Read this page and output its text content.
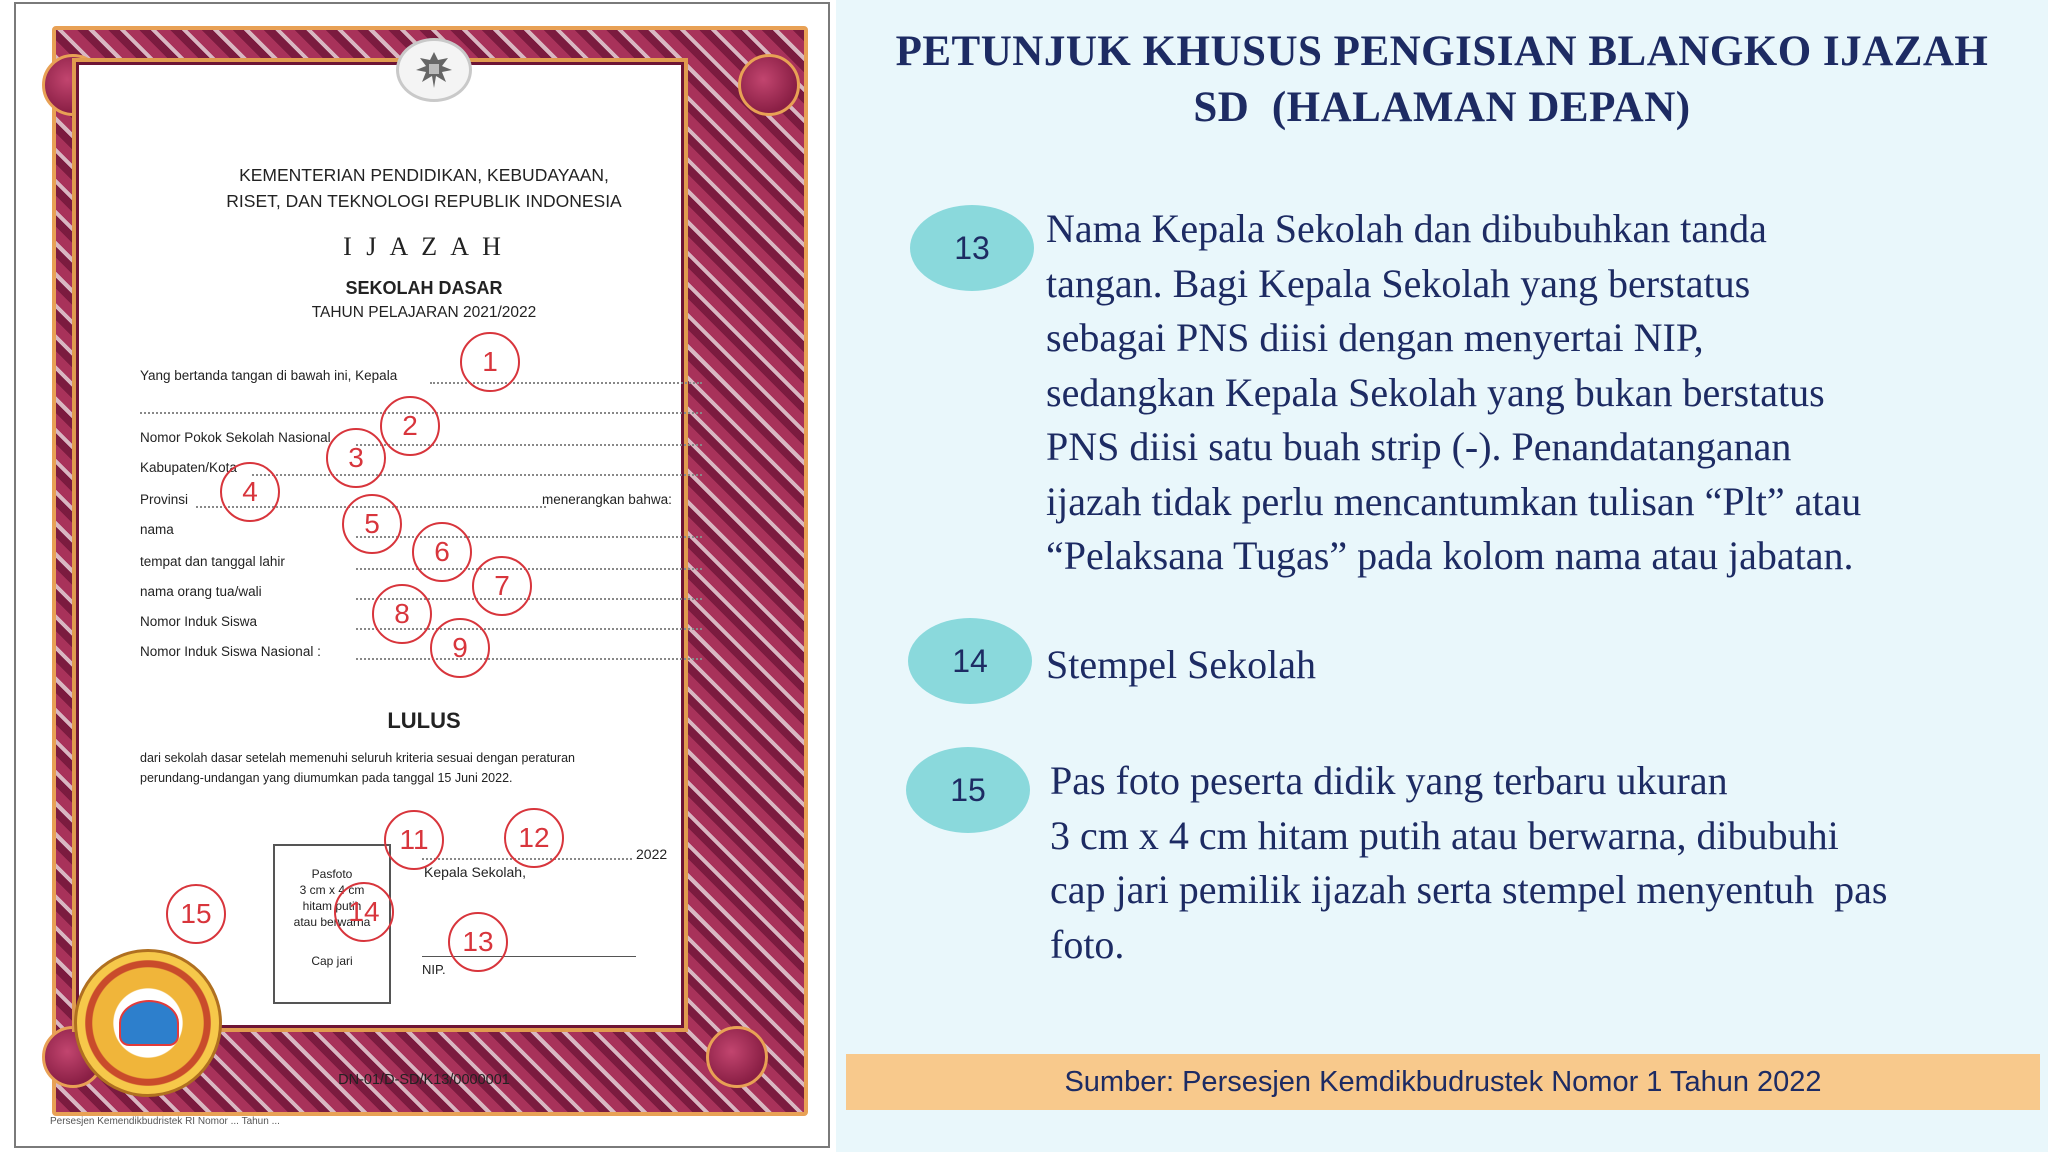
KEMENTERIAN PENDIDIKAN, KEBUDAYAAN,
RISET, DAN TEKNOLOGI REPUBLIK INDONESIA
I J A Z A H
SEKOLAH DASAR
TAHUN PELAJARAN 2021/2022
Yang bertanda tangan di bawah ini, Kepala
Nomor Pokok Sekolah Nasional
Kabupaten/Kota
Provinsi	menerangkan bahwa:
nama
tempat dan tanggal lahir
nama orang tua/wali
Nomor Induk Siswa
Nomor Induk Siswa Nasional :
LULUS
dari sekolah dasar setelah memenuhi seluruh kriteria sesuai dengan peraturan
perundang-undangan yang diumumkan pada tanggal 15 Juni 2022.
2022
Kepala Sekolah,
NIP.
Pasfoto
3 cm x 4 cm
hitam putih
atau berwarna
Cap jari
DN-01/D-SD/K13/0000001
Persesjen Kemendikbudristek RI Nomor ... Tahun ...
1
2
3
4
5
6
7
8
9
11	12
13
14
15
PETUNJUK KHUSUS PENGISIAN BLANGKO IJAZAH
SD  (HALAMAN DEPAN)
13	Nama Kepala Sekolah dan dibubuhkan tanda
tangan. Bagi Kepala Sekolah yang berstatus
sebagai PNS diisi dengan menyertai NIP,
sedangkan Kepala Sekolah yang bukan berstatus
PNS diisi satu buah strip (-). Penandatanganan
ijazah tidak perlu mencantumkan tulisan “Plt” atau
“Pelaksana Tugas” pada kolom nama atau jabatan.
14	Stempel Sekolah
15	Pas foto peserta didik yang terbaru ukuran
3 cm x 4 cm hitam putih atau berwarna, dibubuhi
cap jari pemilik ijazah serta stempel menyentuh  pas
foto.
Sumber: Persesjen Kemdikbudrustek Nomor 1 Tahun 2022
